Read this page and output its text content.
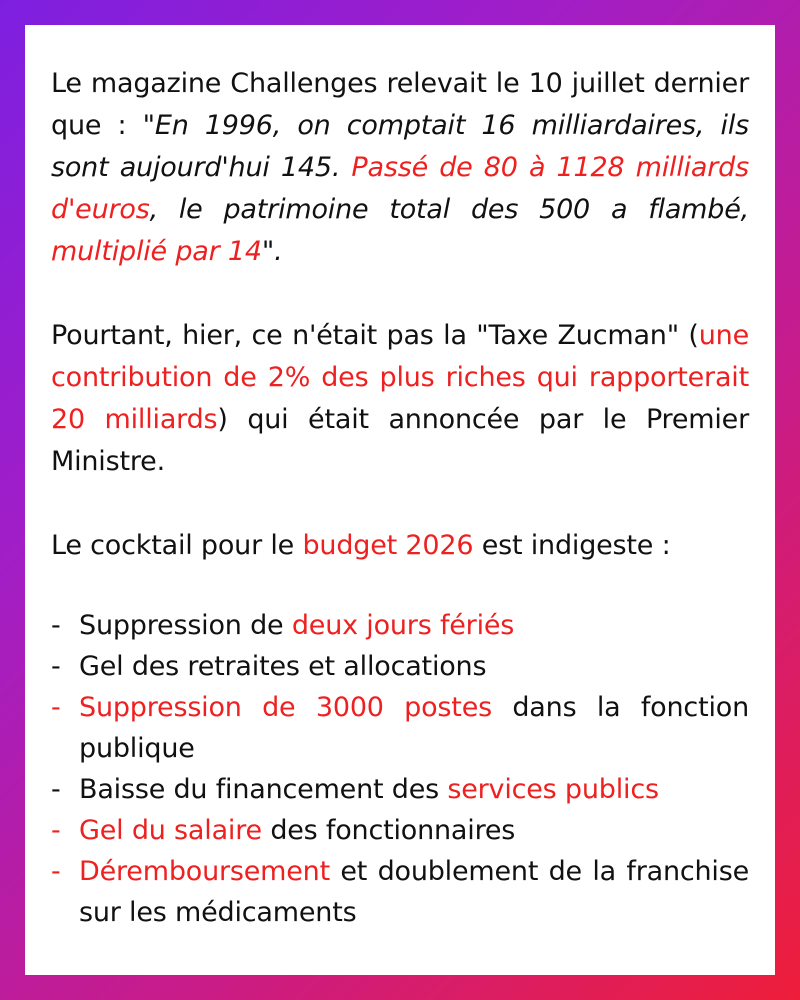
Le magazine Challenges relevait le 10 juillet dernier que : "En 1996, on comptait 16 milliardaires, ils sont aujourd'hui 145. Passé de 80 à 1128 milliards d'euros, le patrimoine total des 500 a flambé, multiplié par 14".

Pourtant, hier, ce n'était pas la "Taxe Zucman" (une contribution de 2% des plus riches qui rapporterait 20 milliards) qui était annoncée par le Premier Ministre.

Le cocktail pour le budget 2026 est indigeste :

- Suppression de deux jours fériés
- Gel des retraites et allocations
- Suppression de 3000 postes dans la fonction publique
- Baisse du financement des services publics
- Gel du salaire des fonctionnaires
- Déremboursement et doublement de la franchise sur les médicaments
